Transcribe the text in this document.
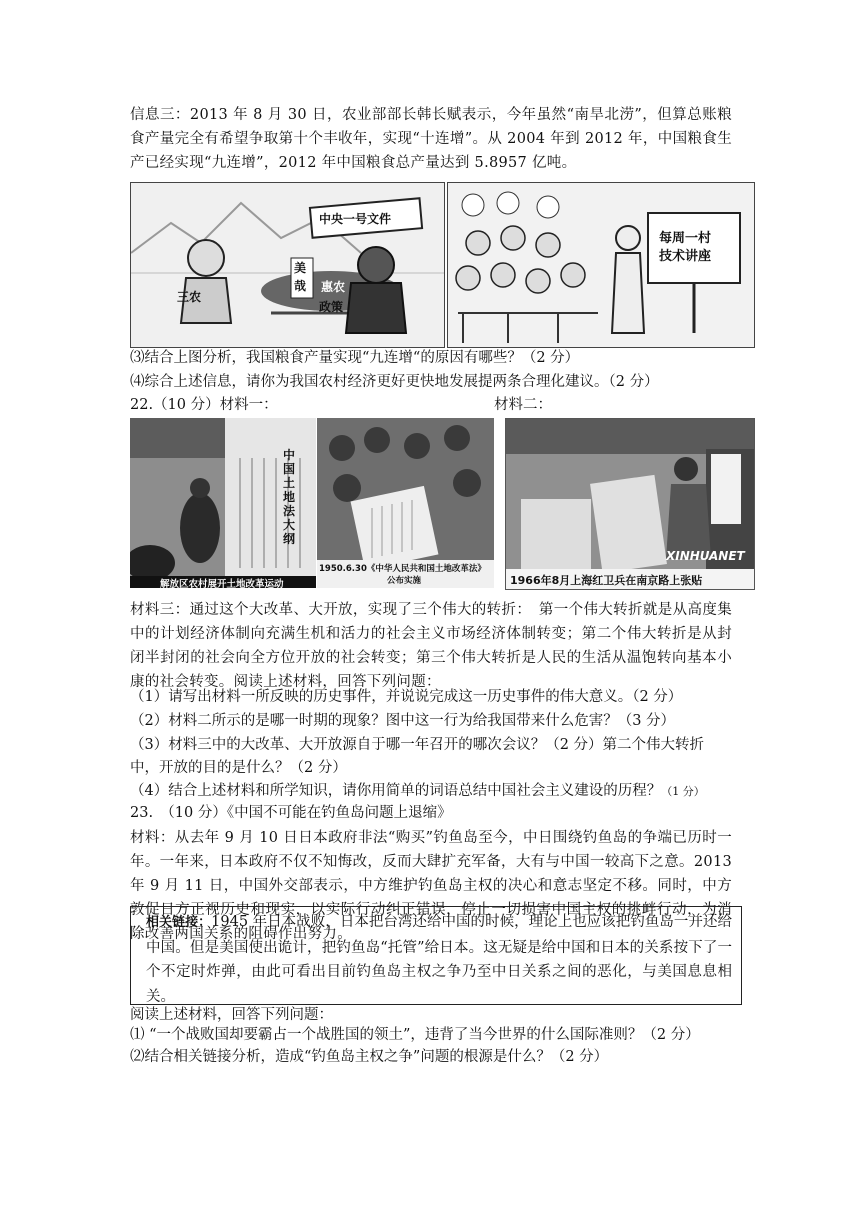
信息三：2013 年 8 月 30 日，农业部部长韩长赋表示，今年虽然“南旱北涝”，但算总账粮食产量完全有希望争取第十个丰收年，实现“十连增”。从 2004 年到 2012 年，中国粮食生产已经实现“九连增”，2012 年中国粮食总产量达到 5.8957 亿吨。
中央一号文件
三农
美
哉 惠农
政策
每周一村
技术讲座
⑶结合上图分析，我国粮食产量实现“九连增“的原因有哪些？（2 分）
⑷综合上述信息，请你为我国农村经济更好更快地发展提两条合理化建议。（2 分）
22.（10 分）材料一：	材料二：
中国土地法大纲
解放区农村展开土地改革运动
1950.6.30《中华人民共和国土地改革法》
公布实施
XINHUANET
1966年8月上海红卫兵在南京路上张贴
材料三：通过这个大改革、大开放，实现了三个伟大的转折：　第一个伟大转折就是从高度集中的计划经济体制向充满生机和活力的社会主义市场经济体制转变；第二个伟大转折是从封闭半封闭的社会向全方位开放的社会转变；第三个伟大转折是人民的生活从温饱转向基本小康的社会转变。阅读上述材料，回答下列问题：
（1）请写出材料一所反映的历史事件，并说说完成这一历史事件的伟大意义。（2 分）
（2）材料二所示的是哪一时期的现象？图中这一行为给我国带来什么危害？（3 分）
（3）材料三中的大改革、大开放源自于哪一年召开的哪次会议？（2 分）第二个伟大转折
中，开放的目的是什么？（2 分）
（4）结合上述材料和所学知识，请你用简单的词语总结中国社会主义建设的历程？（1 分）
23.　（10 分）《中国不可能在钓鱼岛问题上退缩》
材料：从去年 9 月 10 日日本政府非法“购买”钓鱼岛至今，中日围绕钓鱼岛的争端已历时一年。一年来，日本政府不仅不知悔改，反而大肆扩充军备，大有与中国一较高下之意。2013 年 9 月 11 日，中国外交部表示，中方维护钓鱼岛主权的决心和意志坚定不移。同时，中方敦促日方正视历史和现实，以实际行动纠正错误，停止一切损害中国主权的挑衅行动，为消除改善两国关系的阻碍作出努力。
相关链接：1945 年日本战败，日本把台湾还给中国的时候，理论上也应该把钓鱼岛一并还给中国。但是美国使出诡计，把钓鱼岛“托管”给日本。这无疑是给中国和日本的关系按下了一个不定时炸弹，由此可看出目前钓鱼岛主权之争乃至中日关系之间的恶化，与美国息息相关。
阅读上述材料，回答下列问题：
⑴ “一个战败国却要霸占一个战胜国的领土”，违背了当今世界的什么国际准则？（2 分）
⑵结合相关链接分析，造成“钓鱼岛主权之争”问题的根源是什么？（2 分）
